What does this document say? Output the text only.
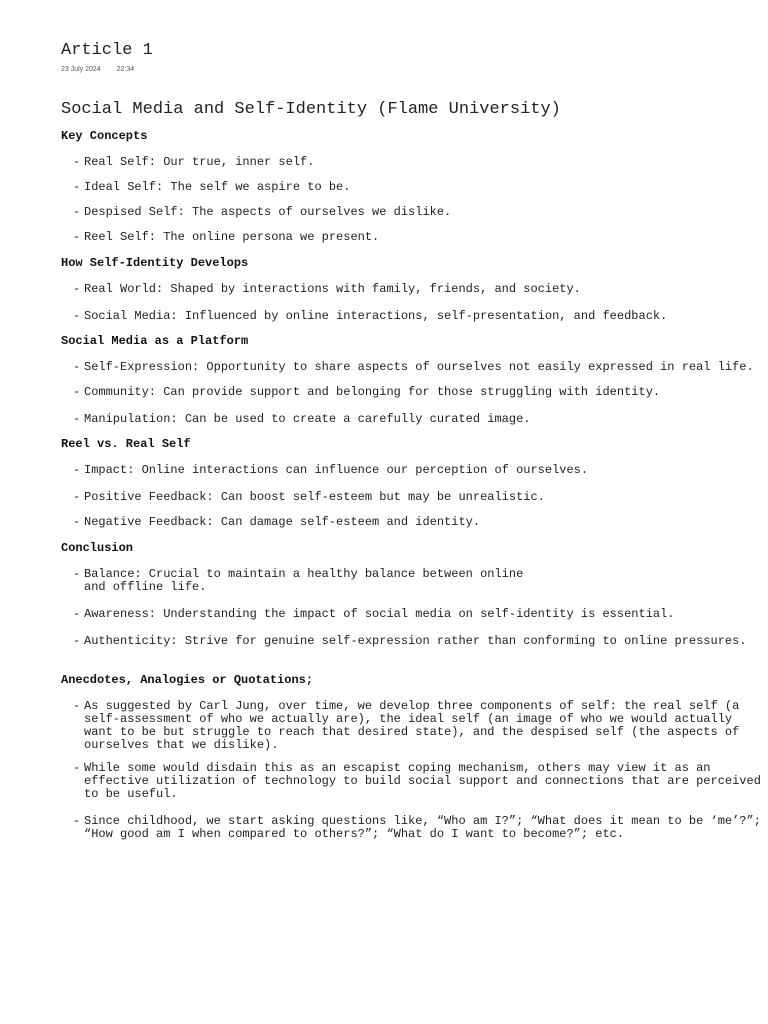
Article 1
23 July 2024 22:34
Social Media and Self-Identity (Flame University)
Key Concepts
- Real Self: Our true, inner self.
- Ideal Self: The self we aspire to be.
- Despised Self: The aspects of ourselves we dislike.
- Reel Self: The online persona we present.
How Self-Identity Develops
- Real World: Shaped by interactions with family, friends, and society.
- Social Media: Influenced by online interactions, self-presentation, and feedback.
Social Media as a Platform
- Self-Expression: Opportunity to share aspects of ourselves not easily expressed in real life.
- Community: Can provide support and belonging for those struggling with identity.
- Manipulation: Can be used to create a carefully curated image.
Reel vs. Real Self
- Impact: Online interactions can influence our perception of ourselves.
- Positive Feedback: Can boost self-esteem but may be unrealistic.
- Negative Feedback: Can damage self-esteem and identity.
Conclusion
- Balance: Crucial to maintain a healthy balance between online and offline life.
- Awareness: Understanding the impact of social media on self-identity is essential.
- Authenticity: Strive for genuine self-expression rather than conforming to online pressures.
Anecdotes, Analogies or Quotations;
- As suggested by Carl Jung, over time, we develop three components of self: the real self (a self-assessment of who we actually are), the ideal self (an image of who we would actually want to be but struggle to reach that desired state), and the despised self (the aspects of ourselves that we dislike).
- While some would disdain this as an escapist coping mechanism, others may view it as an effective utilization of technology to build social support and connections that are perceived to be useful.
- Since childhood, we start asking questions like, “Who am I?”; “What does it mean to be ‘me’?”; “How good am I when compared to others?”; “What do I want to become?”; etc.
